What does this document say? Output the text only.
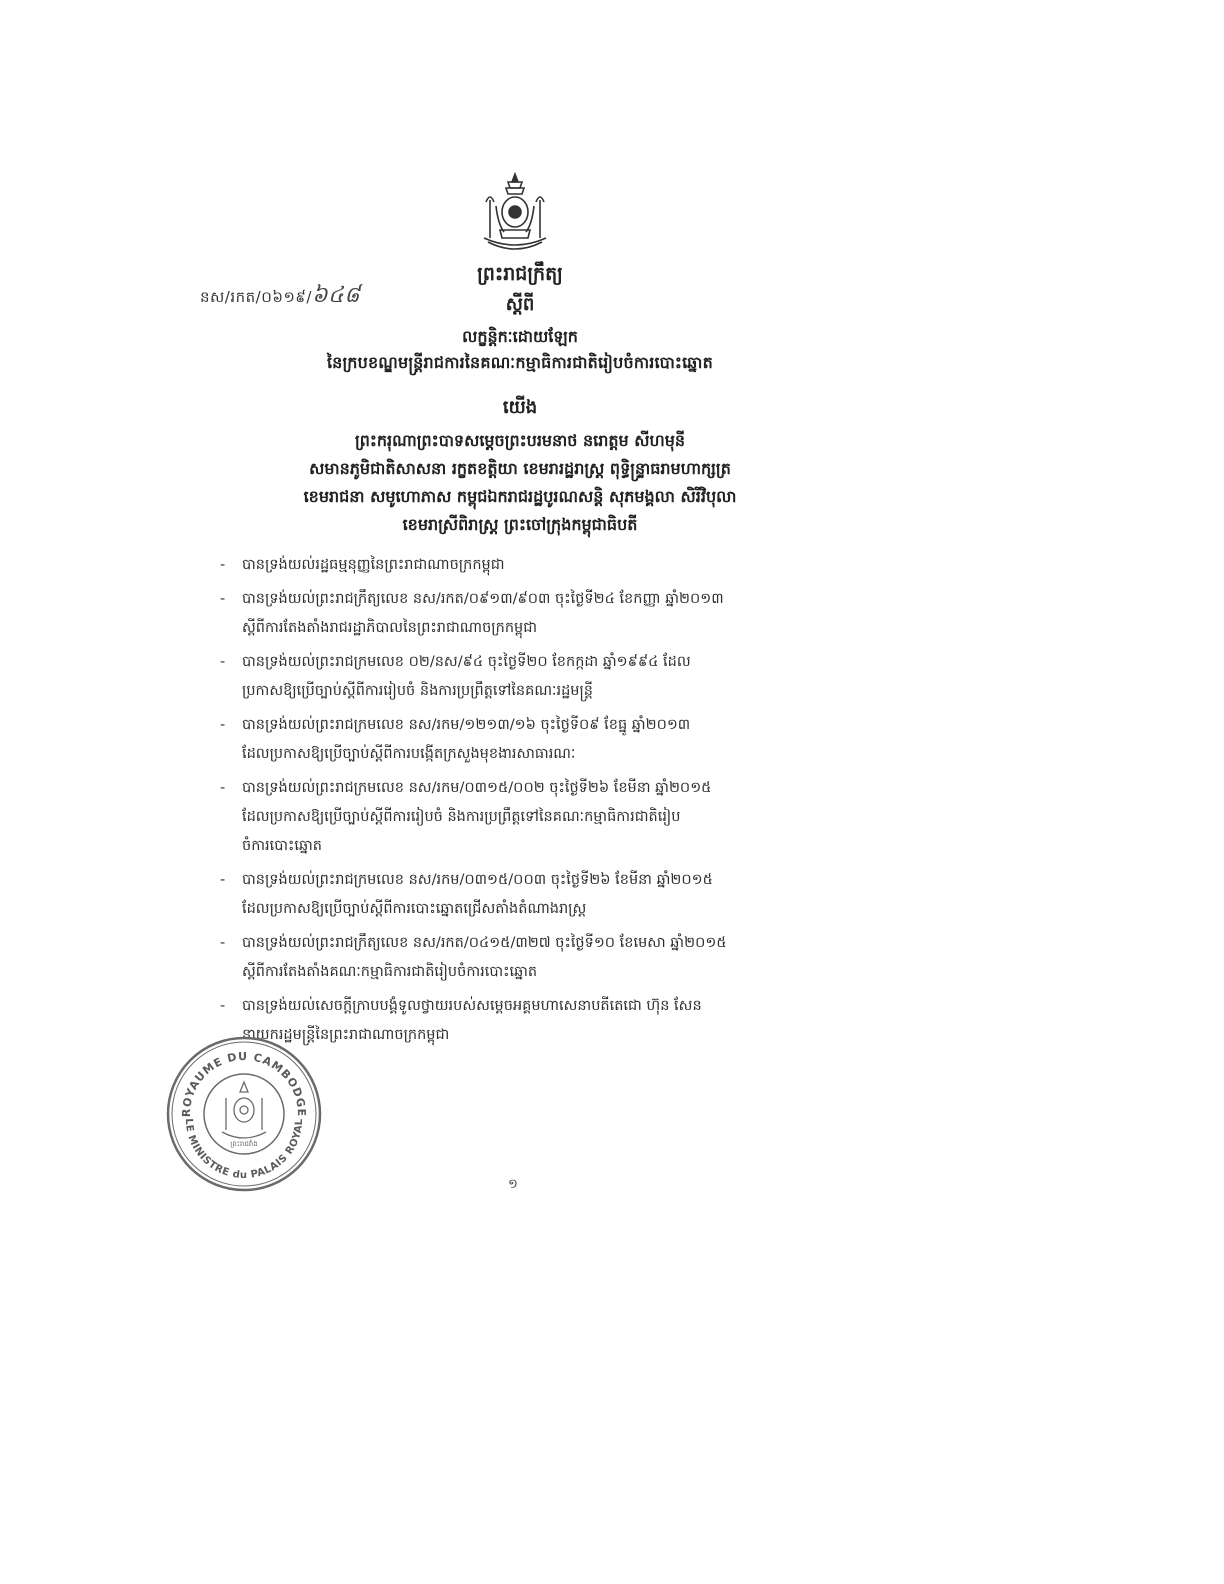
នស/រកត/០៦១៩/៦៤៨
ព្រះរាជក្រឹត្យ
ស្តីពី
លក្ខន្តិកៈដោយឡែក
នៃក្របខណ្ឌមន្ត្រីរាជការនៃគណៈកម្មាធិការជាតិរៀបចំការបោះឆ្នោត
យើង
ព្រះករុណាព្រះបាទសម្តេចព្រះបរមនាថ នរោត្តម សីហមុនី
សមានភូមិជាតិសាសនា រក្ខតខត្តិយា ខេមរារដ្ឋរាស្ត្រ ពុទ្ធិន្ទ្រាធរាមហាក្សត្រ
ខេមរាជនា សមូហោភាស កម្ពុជឯករាជរដ្ឋបូរណសន្តិ សុភមង្គលា សិរីវិបុលា
ខេមរាស្រីពិរាស្ត្រ ព្រះចៅក្រុងកម្ពុជាធិបតី
- បានទ្រង់យល់រដ្ឋធម្មនុញ្ញនៃព្រះរាជាណាចក្រកម្ពុជា
- បានទ្រង់យល់ព្រះរាជក្រឹត្យលេខ នស/រកត/០៩១៣/៩០៣ ចុះថ្ងៃទី២៤ ខែកញ្ញា ឆ្នាំ២០១៣
ស្តីពីការតែងតាំងរាជរដ្ឋាភិបាលនៃព្រះរាជាណាចក្រកម្ពុជា
- បានទ្រង់យល់ព្រះរាជក្រមលេខ ០២/នស/៩៤ ចុះថ្ងៃទី២០ ខែកក្កដា ឆ្នាំ១៩៩៤ ដែល
ប្រកាសឱ្យប្រើច្បាប់ស្តីពីការរៀបចំ និងការប្រព្រឹត្តទៅនៃគណៈរដ្ឋមន្ត្រី
- បានទ្រង់យល់ព្រះរាជក្រមលេខ នស/រកម/១២១៣/១៦ ចុះថ្ងៃទី០៩ ខែធ្នូ ឆ្នាំ២០១៣
ដែលប្រកាសឱ្យប្រើច្បាប់ស្តីពីការបង្កើតក្រសួងមុខងារសាធារណៈ
- បានទ្រង់យល់ព្រះរាជក្រមលេខ នស/រកម/០៣១៥/០០២ ចុះថ្ងៃទី២៦ ខែមីនា ឆ្នាំ២០១៥
ដែលប្រកាសឱ្យប្រើច្បាប់ស្តីពីការរៀបចំ និងការប្រព្រឹត្តទៅនៃគណៈកម្មាធិការជាតិរៀប
ចំការបោះឆ្នោត
- បានទ្រង់យល់ព្រះរាជក្រមលេខ នស/រកម/០៣១៥/០០៣ ចុះថ្ងៃទី២៦ ខែមីនា ឆ្នាំ២០១៥
ដែលប្រកាសឱ្យប្រើច្បាប់ស្តីពីការបោះឆ្នោតជ្រើសតាំងតំណាងរាស្ត្រ
- បានទ្រង់យល់ព្រះរាជក្រឹត្យលេខ នស/រកត/០៤១៥/៣២៧ ចុះថ្ងៃទី១០ ខែមេសា ឆ្នាំ២០១៥
ស្តីពីការតែងតាំងគណៈកម្មាធិការជាតិរៀបចំការបោះឆ្នោត
- បានទ្រង់យល់សេចក្តីក្រាបបង្គំទូលថ្វាយរបស់សម្តេចអគ្គមហាសេនាបតីតេជោ ហ៊ុន សែន
នាយករដ្ឋមន្ត្រីនៃព្រះរាជាណាចក្រកម្ពុជា
ROYAUME DU CAMBODGE
LE MINISTRE du PALAIS ROYAL
ព្រះរាជវាំង
១
